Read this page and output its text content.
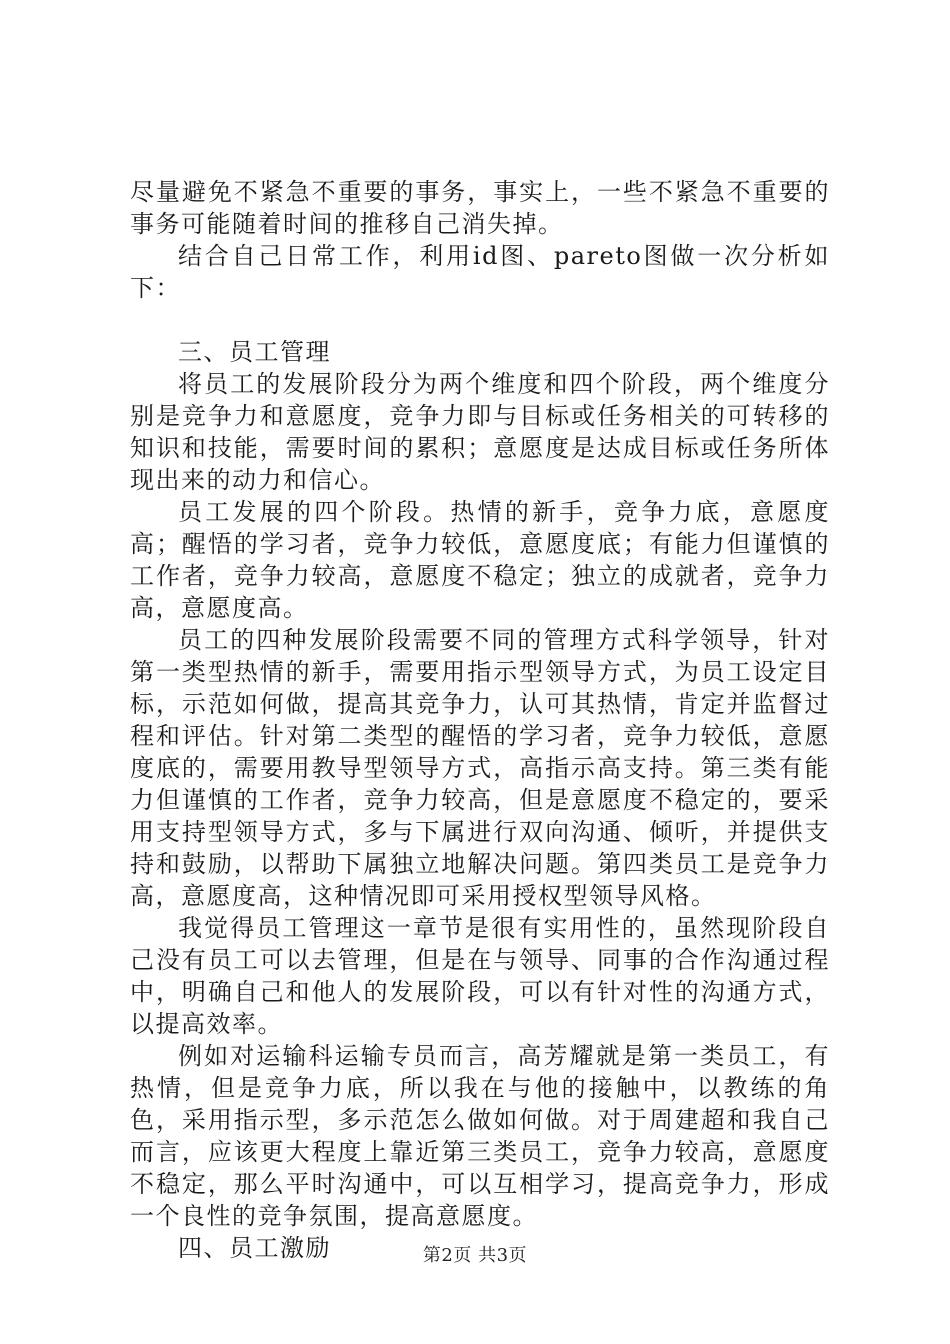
尽量避免不紧急不重要的事务，事实上，一些不紧急不重要的事务可能随着时间的推移自己消失掉。

结合自己日常工作，利用id图、pareto图做一次分析如下：

三、员工管理

将员工的发展阶段分为两个维度和四个阶段，两个维度分别是竞争力和意愿度，竞争力即与目标或任务相关的可转移的知识和技能，需要时间的累积；意愿度是达成目标或任务所体现出来的动力和信心。

员工发展的四个阶段。热情的新手，竞争力底，意愿度高；醒悟的学习者，竞争力较低，意愿度底；有能力但谨慎的工作者，竞争力较高，意愿度不稳定；独立的成就者，竞争力高，意愿度高。

员工的四种发展阶段需要不同的管理方式科学领导，针对第一类型热情的新手，需要用指示型领导方式，为员工设定目标，示范如何做，提高其竞争力，认可其热情，肯定并监督过程和评估。针对第二类型的醒悟的学习者，竞争力较低，意愿度底的，需要用教导型领导方式，高指示高支持。第三类有能力但谨慎的工作者，竞争力较高，但是意愿度不稳定的，要采用支持型领导方式，多与下属进行双向沟通、倾听，并提供支持和鼓励，以帮助下属独立地解决问题。第四类员工是竞争力高，意愿度高，这种情况即可采用授权型领导风格。

我觉得员工管理这一章节是很有实用性的，虽然现阶段自己没有员工可以去管理，但是在与领导、同事的合作沟通过程中，明确自己和他人的发展阶段，可以有针对性的沟通方式，以提高效率。

例如对运输科运输专员而言，高芳耀就是第一类员工，有热情，但是竞争力底，所以我在与他的接触中，以教练的角色，采用指示型，多示范怎么做如何做。对于周建超和我自己而言，应该更大程度上靠近第三类员工，竞争力较高，意愿度不稳定，那么平时沟通中，可以互相学习，提高竞争力，形成一个良性的竞争氛围，提高意愿度。

四、员工激励	第2页 共3页
